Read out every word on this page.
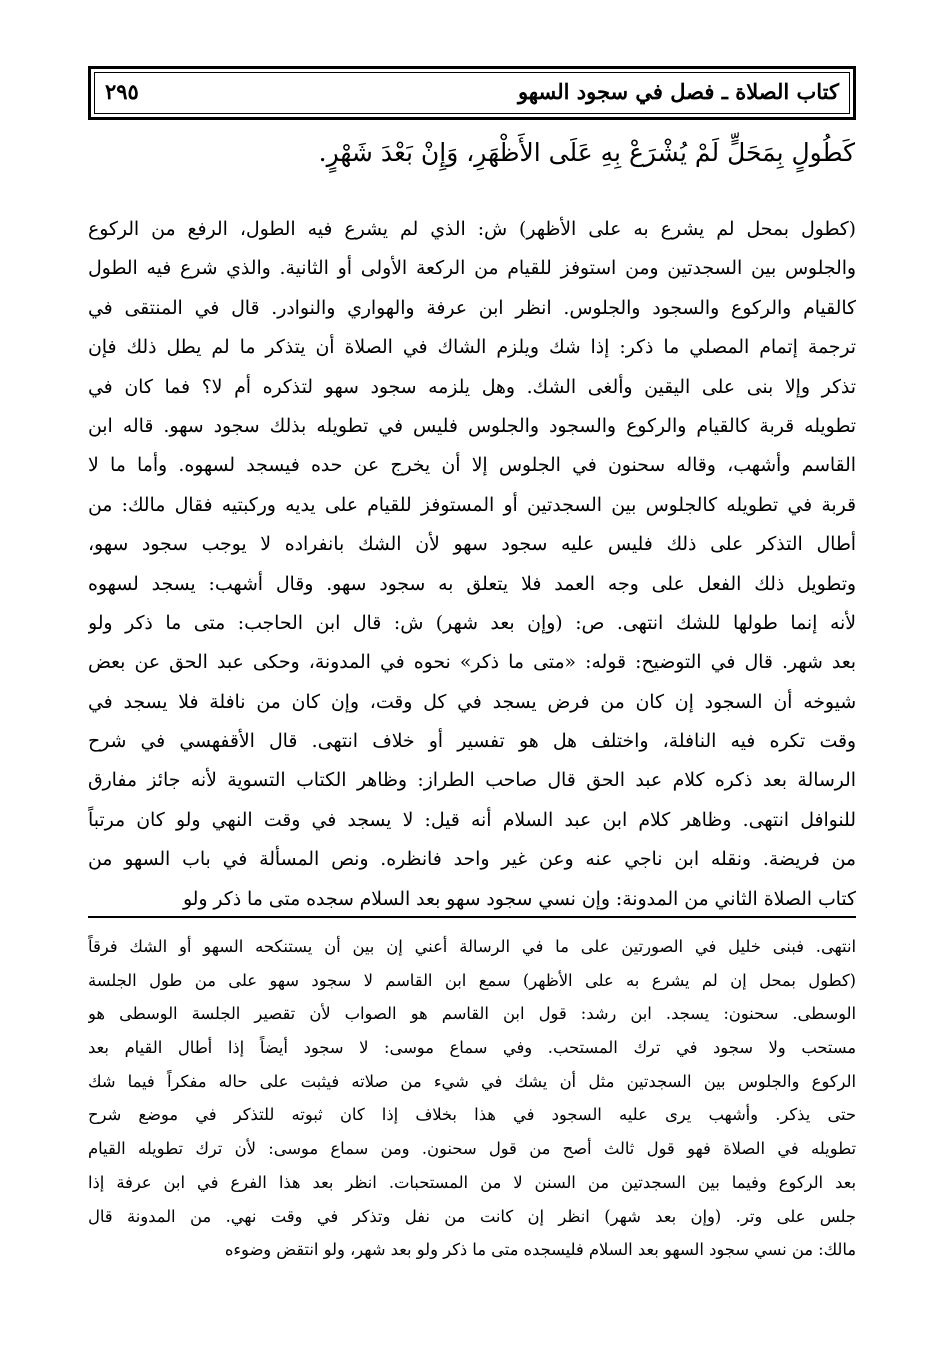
كتاب الصلاة ـ فصل في سجود السهو
٢٩٥
كَطُولٍ بِمَحَلٍّ لَمْ يُشْرَعْ بِهِ عَلَى الأَظْهَرِ، وَإِنْ بَعْدَ شَهْرٍ.
(كطول بمحل لم يشرع به على الأظهر) ش: الذي لم يشرع فيه الطول، الرفع من الركوع
والجلوس بين السجدتين ومن استوفز للقيام من الركعة الأولى أو الثانية. والذي شرع فيه الطول
كالقيام والركوع والسجود والجلوس. انظر ابن عرفة والهواري والنوادر. قال في المنتقى في
ترجمة إتمام المصلي ما ذكر: إذا شك ويلزم الشاك في الصلاة أن يتذكر ما لم يطل ذلك فإن
تذكر وإلا بنى على اليقين وألغى الشك. وهل يلزمه سجود سهو لتذكره أم لا؟ فما كان في
تطويله قربة كالقيام والركوع والسجود والجلوس فليس في تطويله بذلك سجود سهو. قاله ابن
القاسم وأشهب، وقاله سحنون في الجلوس إلا أن يخرج عن حده فيسجد لسهوه. وأما ما لا
قربة في تطويله كالجلوس بين السجدتين أو المستوفز للقيام على يديه وركبتيه فقال مالك: من
أطال التذكر على ذلك فليس عليه سجود سهو لأن الشك بانفراده لا يوجب سجود سهو،
وتطويل ذلك الفعل على وجه العمد فلا يتعلق به سجود سهو. وقال أشهب: يسجد لسهوه
لأنه إنما طولها للشك انتهى. ص: (وإن بعد شهر) ش: قال ابن الحاجب: متى ما ذكر ولو
بعد شهر. قال في التوضيح: قوله: «متى ما ذكر» نحوه في المدونة، وحكى عبد الحق عن بعض
شيوخه أن السجود إن كان من فرض يسجد في كل وقت، وإن كان من نافلة فلا يسجد في
وقت تكره فيه النافلة، واختلف هل هو تفسير أو خلاف انتهى. قال الأقفهسي في شرح
الرسالة بعد ذكره كلام عبد الحق قال صاحب الطراز: وظاهر الكتاب التسوية لأنه جائز مفارق
للنوافل انتهى. وظاهر كلام ابن عبد السلام أنه قيل: لا يسجد في وقت النهي ولو كان مرتباً
من فريضة. ونقله ابن ناجي عنه وعن غير واحد فانظره. ونص المسألة في باب السهو من
كتاب الصلاة الثاني من المدونة: وإن نسي سجود سهو بعد السلام سجده متى ما ذكر ولو
انتهى. فبنى خليل في الصورتين على ما في الرسالة أعني إن بين أن يستنكحه السهو أو الشك فرقاً
(كطول بمحل إن لم يشرع به على الأظهر) سمع ابن القاسم لا سجود سهو على من طول الجلسة
الوسطى. سحنون: يسجد. ابن رشد: قول ابن القاسم هو الصواب لأن تقصير الجلسة الوسطى هو
مستحب ولا سجود في ترك المستحب. وفي سماع موسى: لا سجود أيضاً إذا أطال القيام بعد
الركوع والجلوس بين السجدتين مثل أن يشك في شيء من صلاته فيثبت على حاله مفكراً فيما شك
حتى يذكر. وأشهب يرى عليه السجود في هذا بخلاف إذا كان ثبوته للتذكر في موضع شرح
تطويله في الصلاة فهو قول ثالث أصح من قول سحنون. ومن سماع موسى: لأن ترك تطويله القيام
بعد الركوع وفيما بين السجدتين من السنن لا من المستحبات. انظر بعد هذا الفرع في ابن عرفة إذا
جلس على وتر. (وإن بعد شهر) انظر إن كانت من نفل وتذكر في وقت نهي. من المدونة قال
مالك: من نسي سجود السهو بعد السلام فليسجده متى ما ذكر ولو بعد شهر، ولو انتقض وضوءه
